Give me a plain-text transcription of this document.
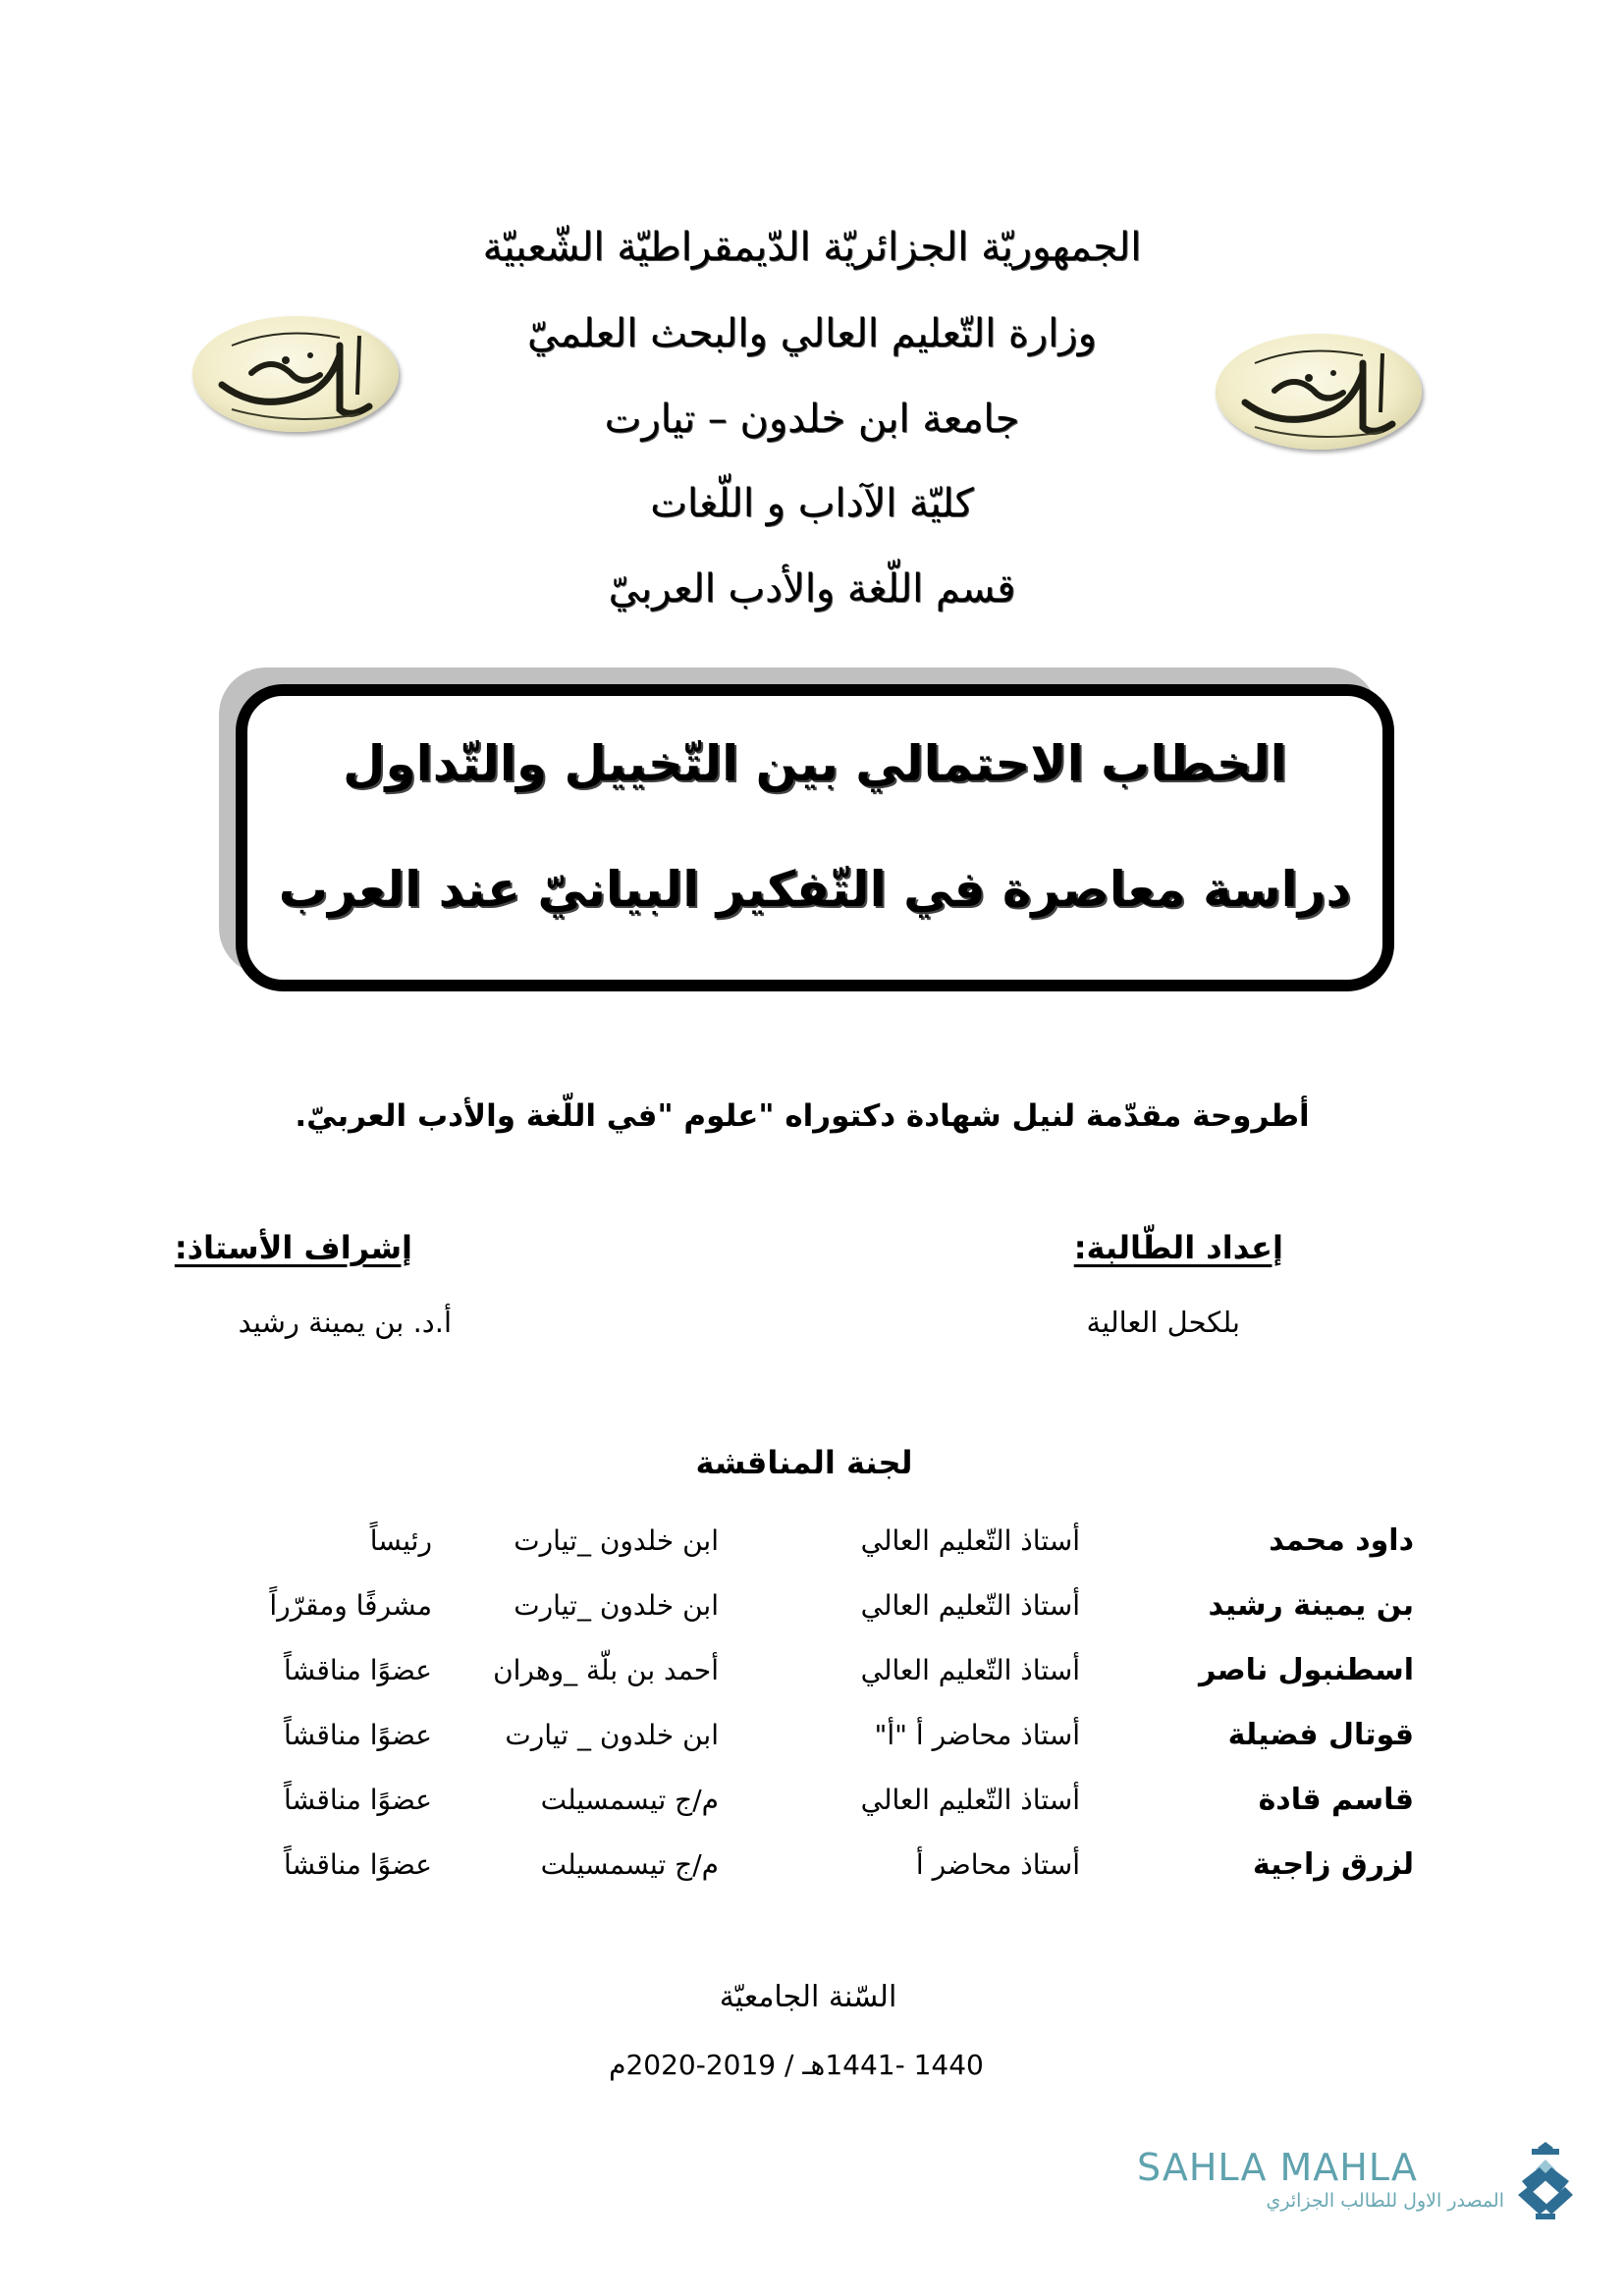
الجمهوريّة الجزائريّة الدّيمقراطيّة الشّعبيّة
وزارة التّعليم العالي والبحث العلميّ
جامعة ابن خلدون – تيارت
كليّة الآداب و اللّغات
قسم اللّغة والأدب العربيّ
الخطاب الاحتمالي بين التّخييل والتّداول
دراسة معاصرة في التّفكير البيانيّ عند العرب
أطروحة مقدّمة لنيل شهادة دكتوراه "علوم "في اللّغة والأدب العربيّ.
إعداد الطّالبة:
بلكحل العالية
إشراف الأستاذ:
أ.د. بن يمينة رشيد
لجنة المناقشة
داود محمد
أستاذ التّعليم العالي
ابن خلدون _تيارت
رئيساً
بن يمينة رشيد
أستاذ التّعليم العالي
ابن خلدون _تيارت
مشرفًا ومقرّراً
اسطنبول ناصر
أستاذ التّعليم العالي
أحمد بن بلّة _وهران
عضوًا مناقشاً
قوتال فضيلة
أستاذ محاضر أ "أ"
ابن خلدون _ تيارت
عضوًا مناقشاً
قاسم قادة
أستاذ التّعليم العالي
م/ج تيسمسيلت
عضوًا مناقشاً
لزرق زاجية
أستاذ محاضر أ
م/ج تيسمسيلت
عضوًا مناقشاً
السّنة الجامعيّة
1440 -1441هـ / 2019-2020م
SAHLA MAHLA
المصدر الاول للطالب الجزائري
